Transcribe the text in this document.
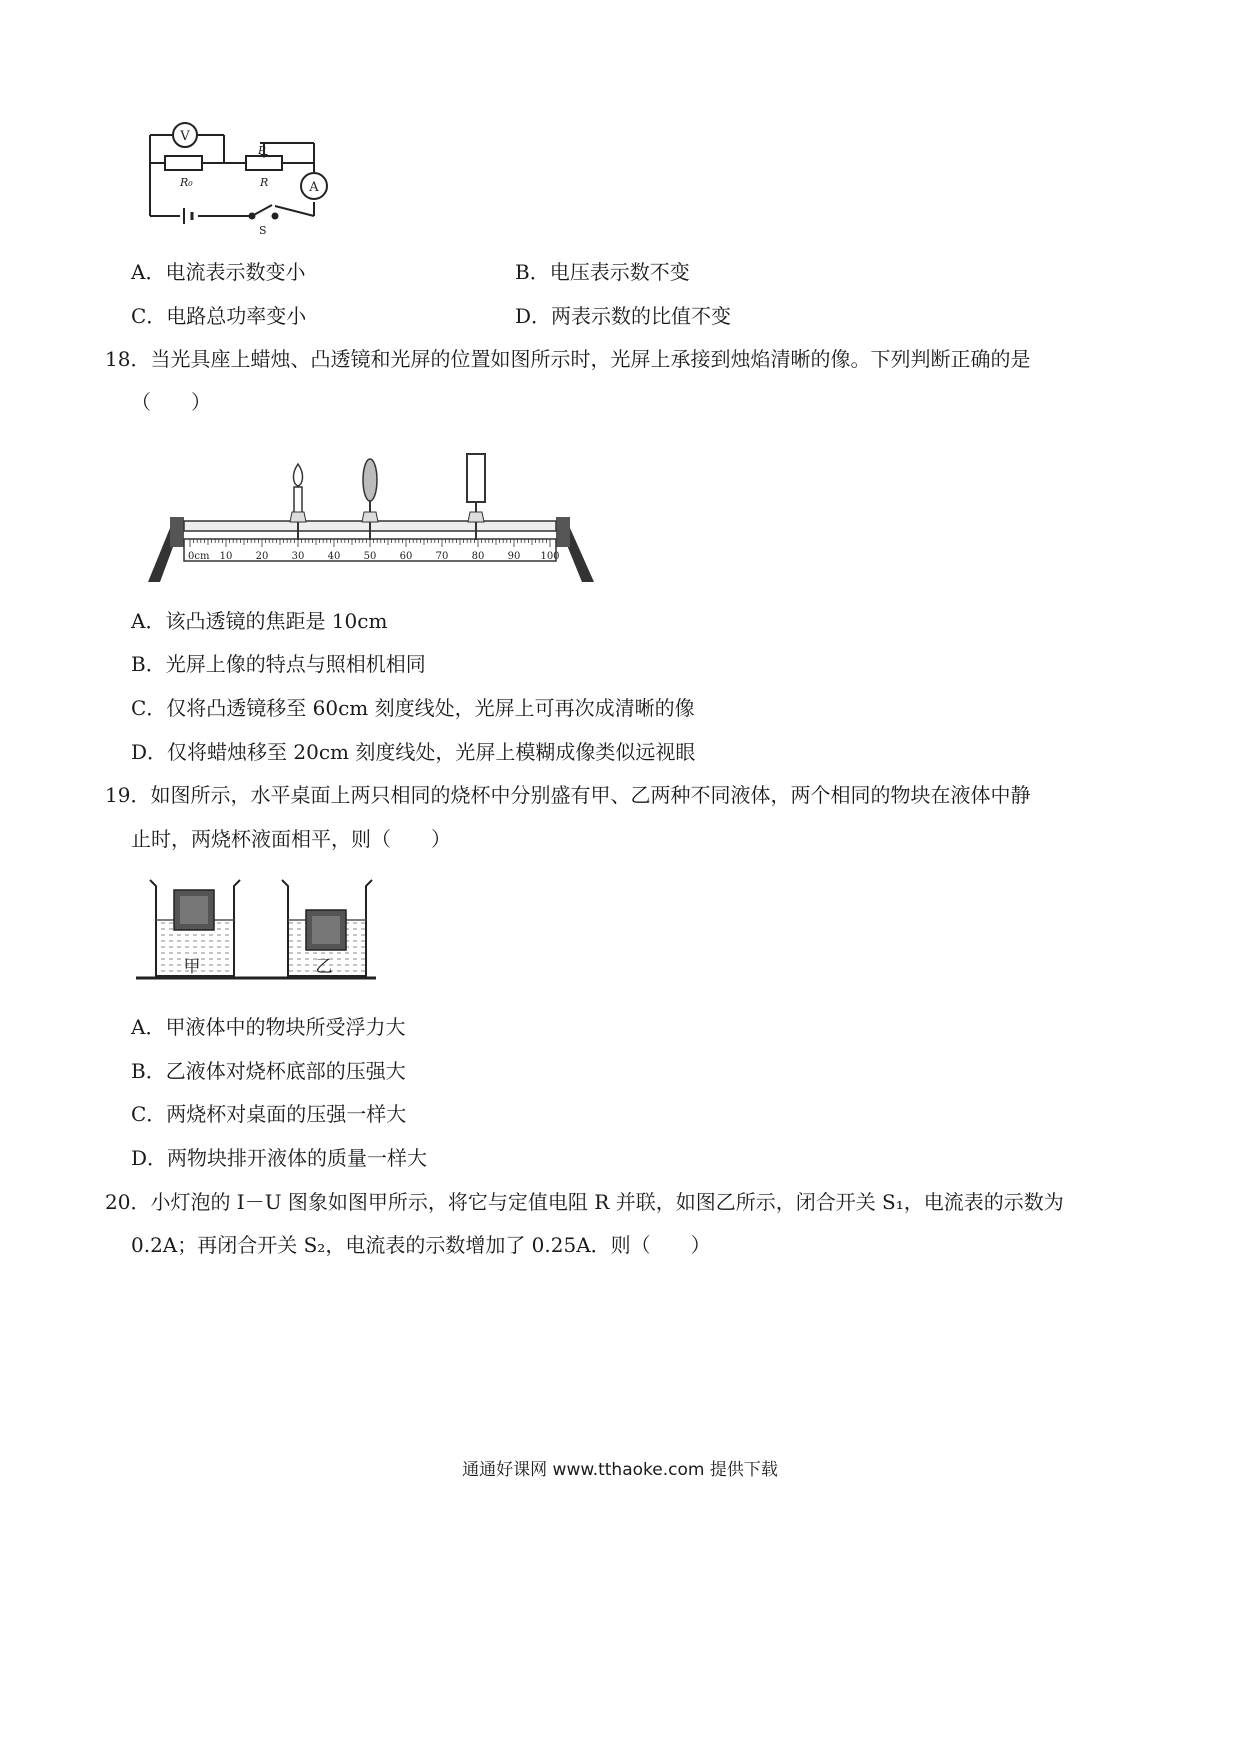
V
A
P
R₀	R
S
A．电流表示数变小	B．电压表示数不变
C．电路总功率变小	D．两表示数的比值不变
18．当光具座上蜡烛、凸透镜和光屏的位置如图所示时，光屏上承接到烛焰清晰的像。下列判断正确的是
（　　）
0cm 10 20 30 40 50 60 70 80 90 100
A．该凸透镜的焦距是 10cm
B．光屏上像的特点与照相机相同
C．仅将凸透镜移至 60cm 刻度线处，光屏上可再次成清晰的像
D．仅将蜡烛移至 20cm 刻度线处，光屏上模糊成像类似远视眼
19．如图所示，水平桌面上两只相同的烧杯中分别盛有甲、乙两种不同液体，两个相同的物块在液体中静
止时，两烧杯液面相平，则（　　）
甲	乙
A．甲液体中的物块所受浮力大
B．乙液体对烧杯底部的压强大
C．两烧杯对桌面的压强一样大
D．两物块排开液体的质量一样大
20．小灯泡的 I－U 图象如图甲所示，将它与定值电阻 R 并联，如图乙所示，闭合开关 S₁，电流表的示数为
0.2A；再闭合开关 S₂，电流表的示数增加了 0.25A．则（　　）
通通好课网 www.tthaoke.com 提供下载
